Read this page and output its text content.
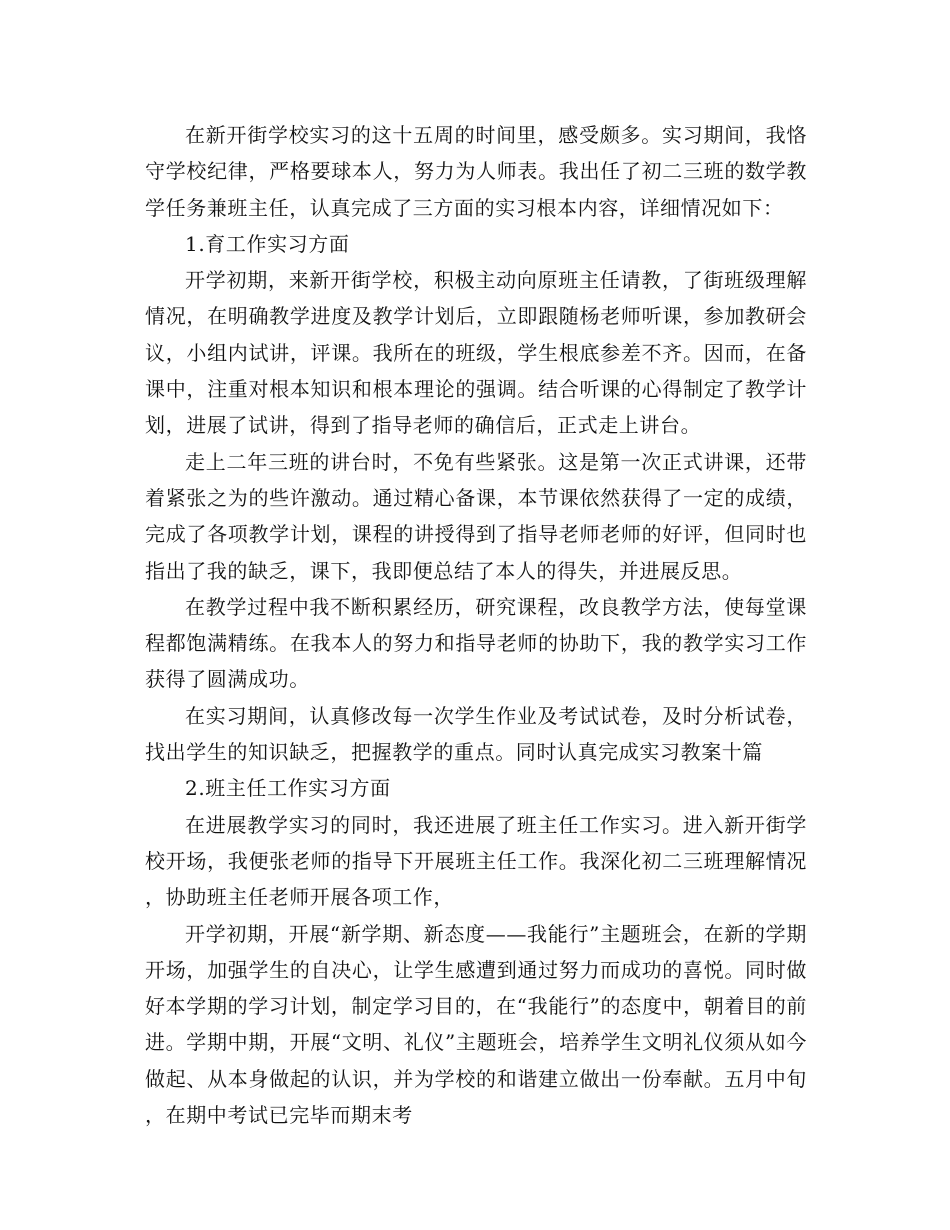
在新开街学校实习的这十五周的时间里，感受颇多。实习期间，我恪守学校纪律，严格要球本人，努力为人师表。我出任了初二三班的数学教学任务兼班主任，认真完成了三方面的实习根本内容，详细情况如下：

1.育工作实习方面

开学初期，来新开街学校，积极主动向原班主任请教，了街班级理解情况，在明确教学进度及教学计划后，立即跟随杨老师听课，参加教研会议，小组内试讲，评课。我所在的班级，学生根底参差不齐。因而，在备课中，注重对根本知识和根本理论的强调。结合听课的心得制定了教学计划，进展了试讲，得到了指导老师的确信后，正式走上讲台。

走上二年三班的讲台时，不免有些紧张。这是第一次正式讲课，还带着紧张之为的些许激动。通过精心备课，本节课依然获得了一定的成绩，完成了各项教学计划，课程的讲授得到了指导老师老师的好评，但同时也指出了我的缺乏，课下，我即便总结了本人的得失，并进展反思。

在教学过程中我不断积累经历，研究课程，改良教学方法，使每堂课程都饱满精练。在我本人的努力和指导老师的协助下，我的教学实习工作获得了圆满成功。

在实习期间，认真修改每一次学生作业及考试试卷，及时分析试卷，找出学生的知识缺乏，把握教学的重点。同时认真完成实习教案十篇

2.班主任工作实习方面

在进展教学实习的同时，我还进展了班主任工作实习。进入新开街学校开场，我便张老师的指导下开展班主任工作。我深化初二三班理解情况，协助班主任老师开展各项工作，

开学初期，开展“新学期、新态度——我能行”主题班会，在新的学期开场，加强学生的自决心，让学生感遭到通过努力而成功的喜悦。同时做好本学期的学习计划，制定学习目的，在“我能行”的态度中，朝着目的前进。学期中期，开展“文明、礼仪”主题班会，培养学生文明礼仪须从如今做起、从本身做起的认识，并为学校的和谐建立做出一份奉献。五月中旬，在期中考试已完毕而期末考
